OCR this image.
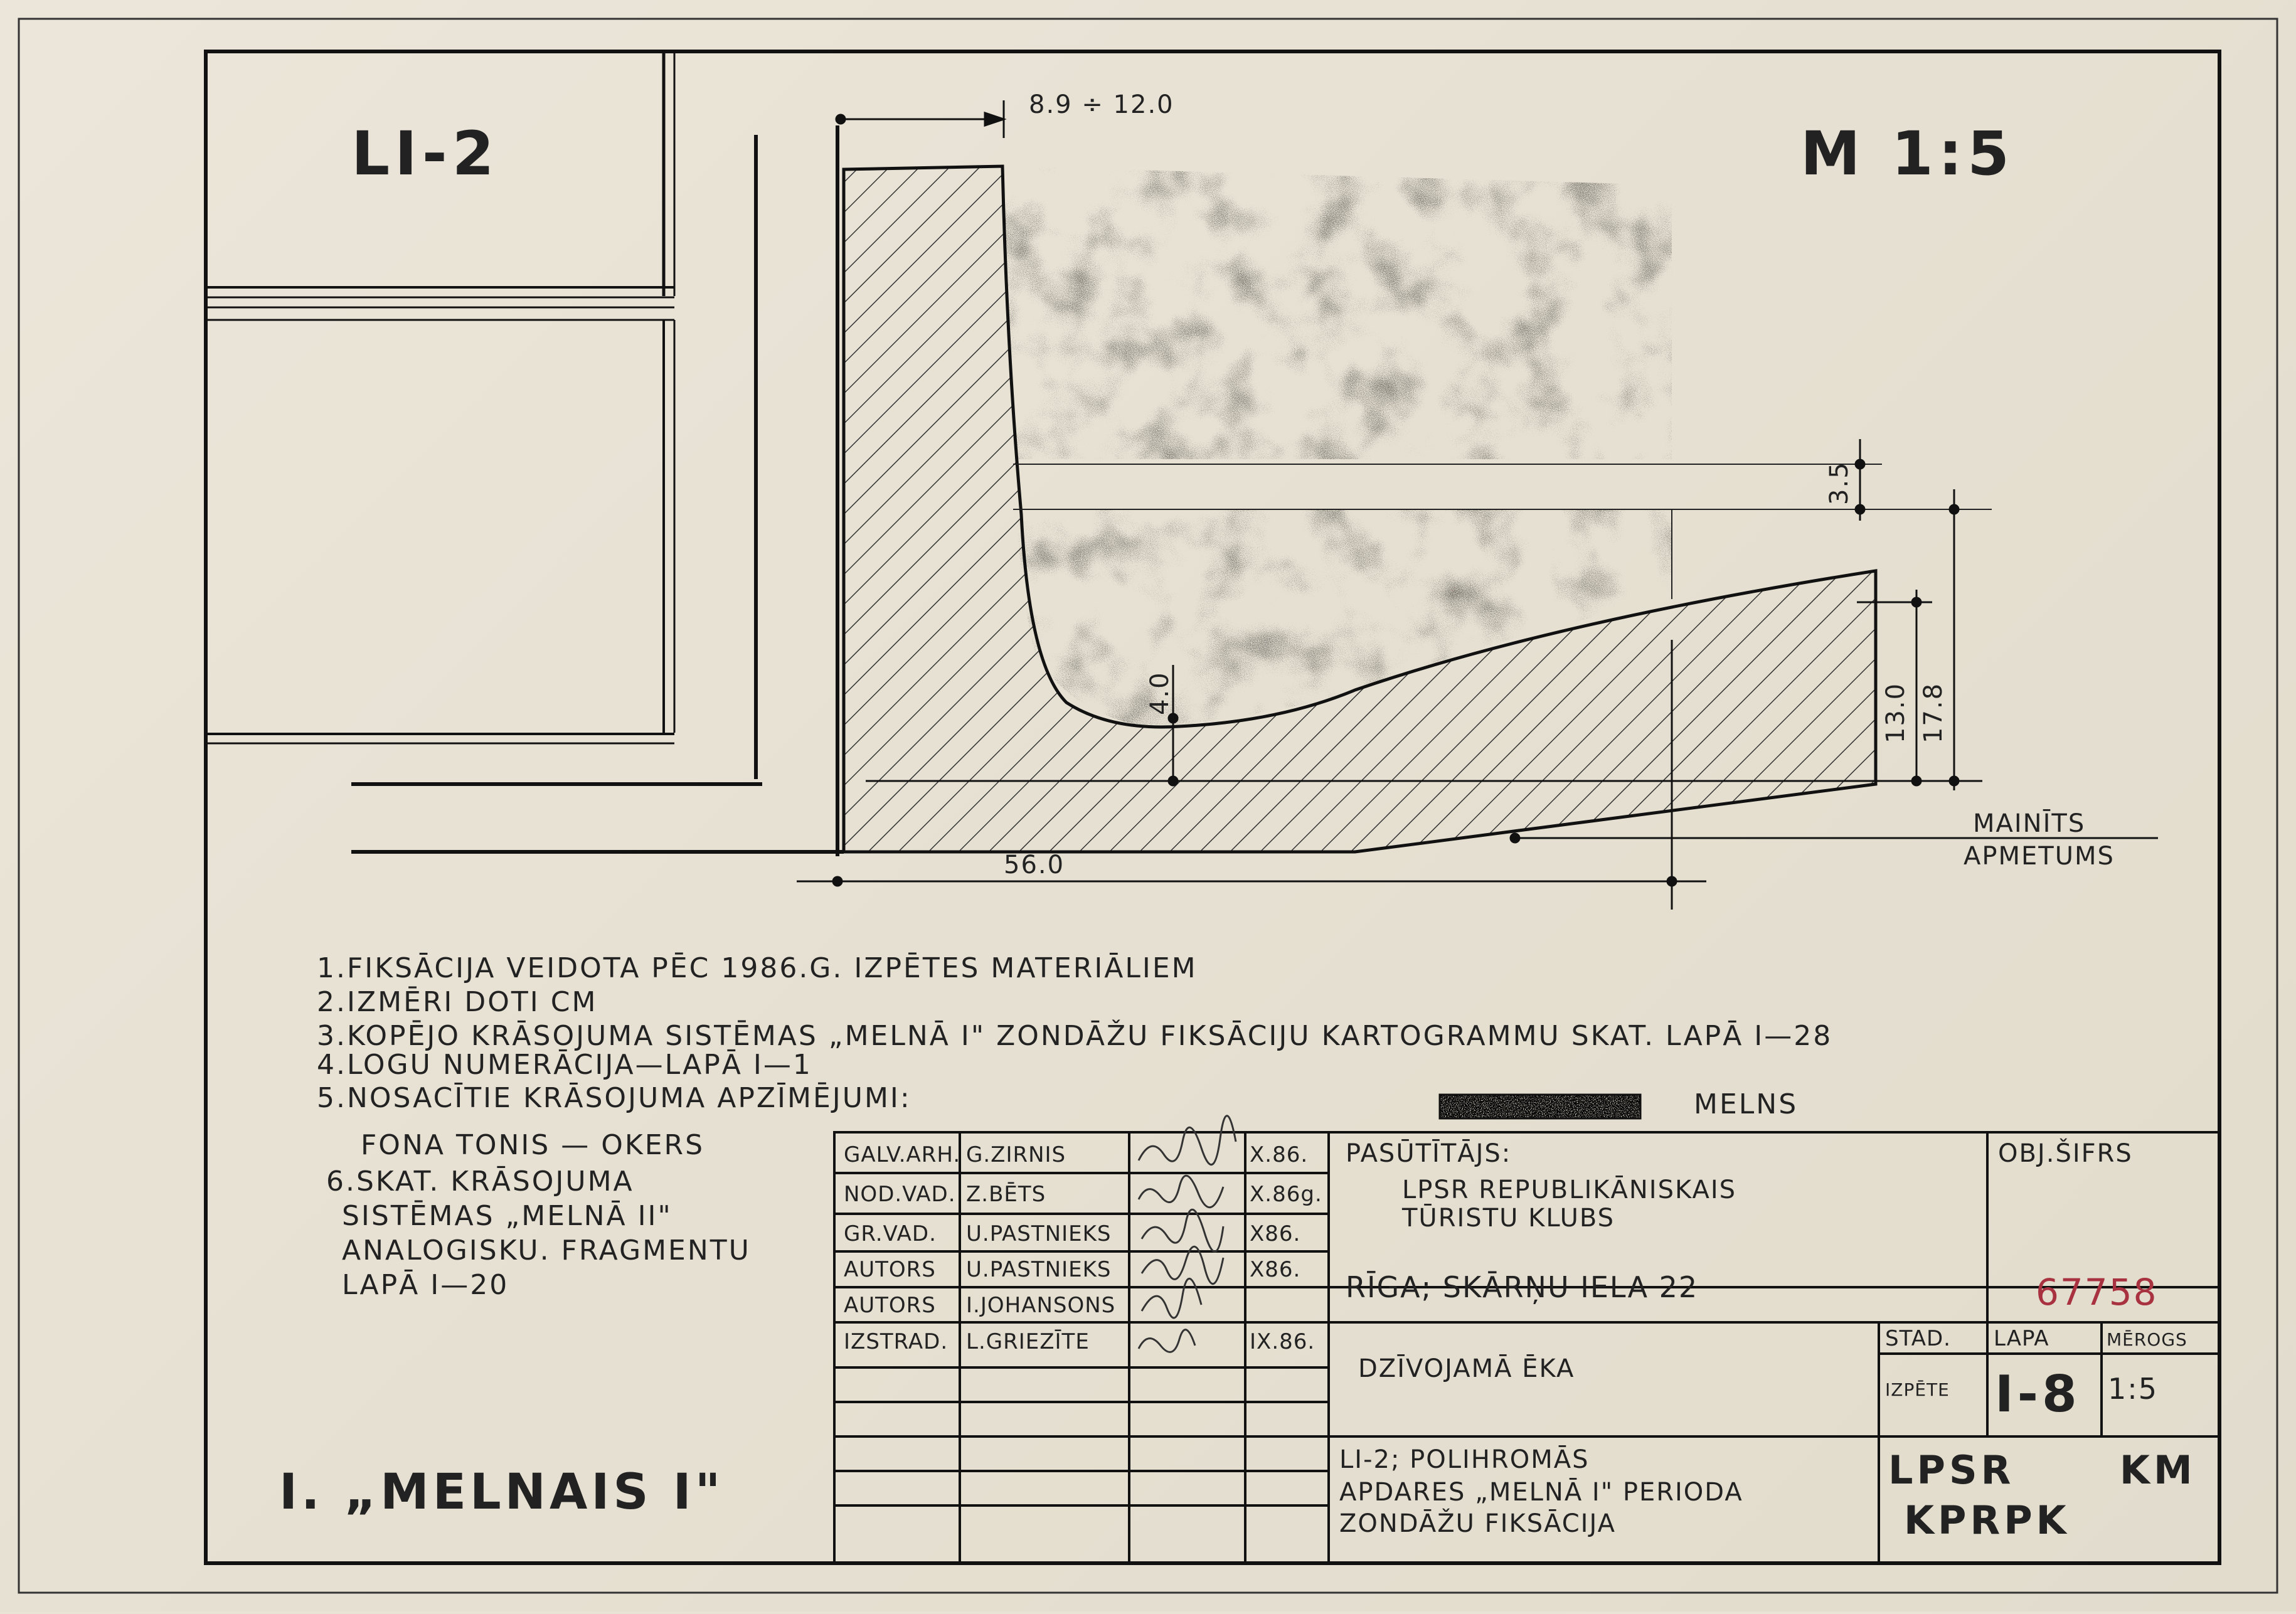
LI-2	M 1:5
8.9 ÷ 12.0
3.5
4.0	13.0 17.8
56.0
MAINĪTS
APMETUMS
1.FIKSĀCIJA VEIDOTA PĒC 1986.G. IZPĒTES MATERIĀLIEM
2.IZMĒRI DOTI CM
3.KOPĒJO KRĀSOJUMA SISTĒMAS „MELNĀ I" ZONDĀŽU FIKSĀCIJU KARTOGRAMMU SKAT. LAPĀ I—28
4.LOGU NUMERĀCIJA—LAPĀ I—1
5.NOSACĪTIE KRĀSOJUMA APZĪMĒJUMI:	MELNS
FONA TONIS — OKERS
6.SKAT. KRĀSOJUMA
SISTĒMAS „MELNĀ II"
ANALOGISKU. FRAGMENTU
LAPĀ I—20
I. „MELNAIS I"
GALV.ARH. G.ZIRNIS	X.86.
NOD.VAD. Z.BĒTS	X.86g.
GR.VAD. U.PASTNIEKS	X86.
AUTORS U.PASTNIEKS	X86.
AUTORS I.JOHANSONS
IZSTRAD. L.GRIEZĪTE	IX.86.
PASŪTĪTĀJS:
LPSR REPUBLIKĀNISKAIS
TŪRISTU KLUBS
OBJ.ŠIFRS
RĪGA; SKĀRŅU IELA 22	67758
DZĪVOJAMĀ ĒKA
STAD. LAPA	MĒROGS
IZPĒTE I-8 1:5
LI-2; POLIHROMĀS
APDARES „MELNĀ I" PERIODA
ZONDĀŽU FIKSĀCIJA
LPSR KM
KPRPK
